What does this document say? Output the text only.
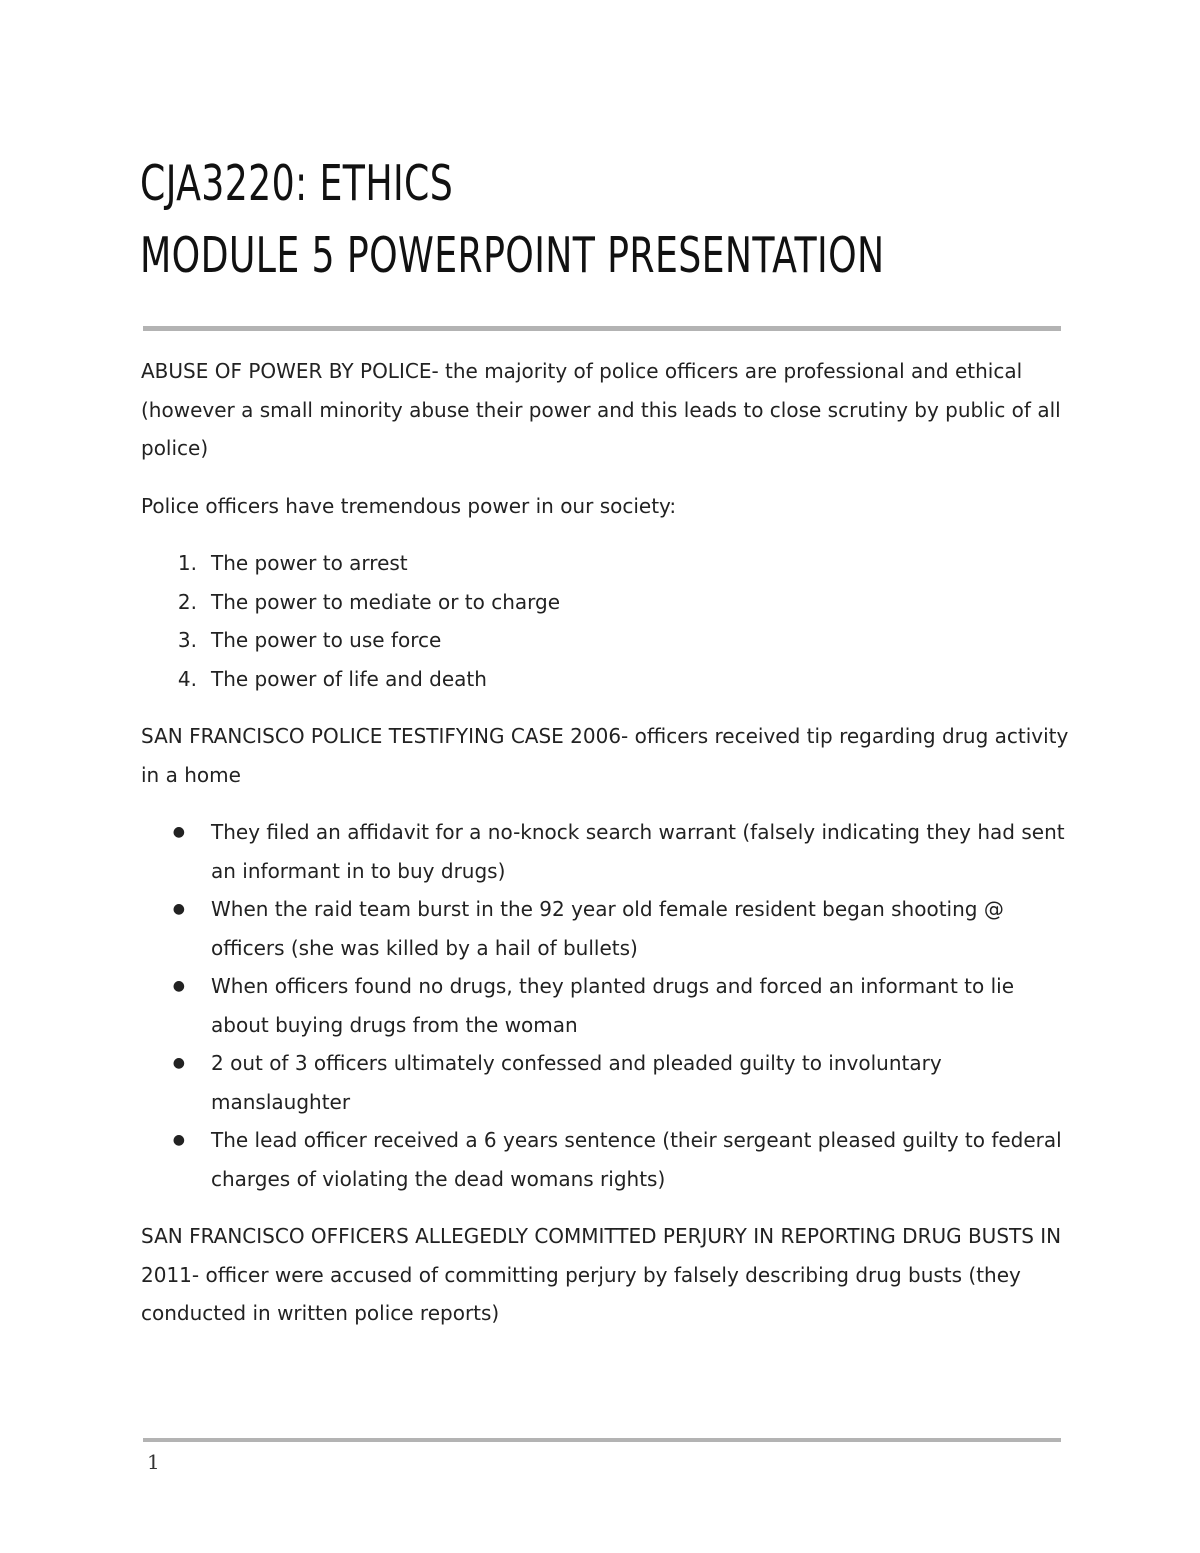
CJA3220: ETHICS
MODULE 5 POWERPOINT PRESENTATION

ABUSE OF POWER BY POLICE- the majority of police officers are professional and ethical (however a small minority abuse their power and this leads to close scrutiny by public of all police)

Police officers have tremendous power in our society:

1. The power to arrest
2. The power to mediate or to charge
3. The power to use force
4. The power of life and death

SAN FRANCISCO POLICE TESTIFYING CASE 2006- officers received tip regarding drug activity in a home

● They filed an affidavit for a no-knock search warrant (falsely indicating they had sent an informant in to buy drugs)
● When the raid team burst in the 92 year old female resident began shooting @ officers (she was killed by a hail of bullets)
● When officers found no drugs, they planted drugs and forced an informant to lie about buying drugs from the woman
● 2 out of 3 officers ultimately confessed and pleaded guilty to involuntary manslaughter
● The lead officer received a 6 years sentence (their sergeant pleased guilty to federal charges of violating the dead womans rights)

SAN FRANCISCO OFFICERS ALLEGEDLY COMMITTED PERJURY IN REPORTING DRUG BUSTS IN 2011- officer were accused of committing perjury by falsely describing drug busts (they conducted in written police reports)

1
